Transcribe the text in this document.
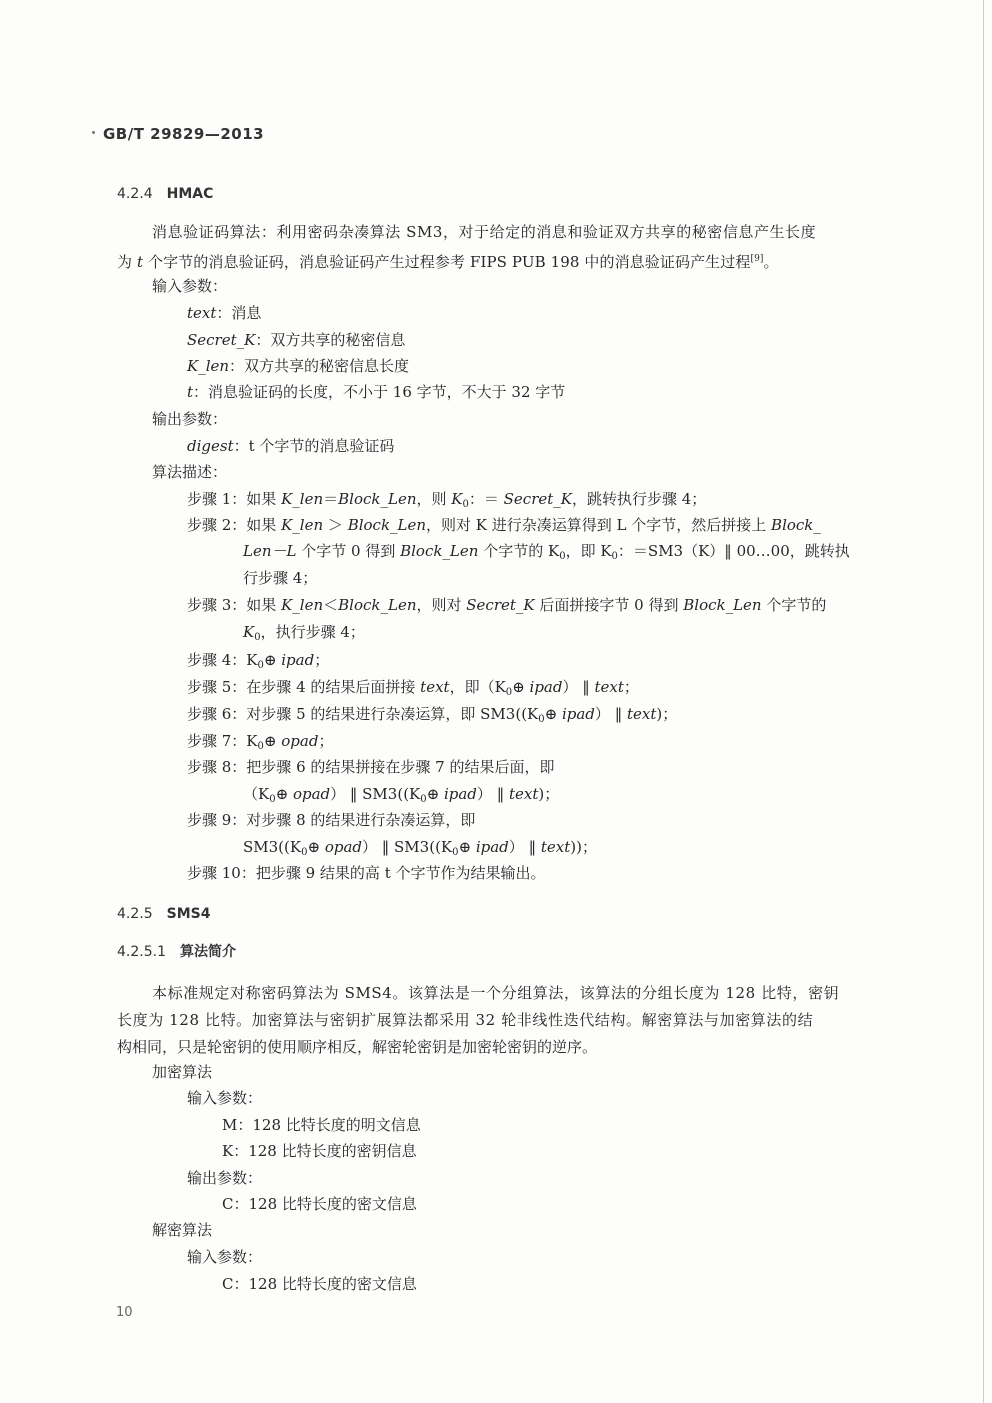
GB/T 29829—2013
4.2.4 HMAC
消息验证码算法：利用密码杂凑算法 SM3，对于给定的消息和验证双方共享的秘密信息产生长度
为 t 个字节的消息验证码，消息验证码产生过程参考 FIPS PUB 198 中的消息验证码产生过程[9]。
输入参数：
text：消息
Secret_K：双方共享的秘密信息
K_len：双方共享的秘密信息长度
t：消息验证码的长度，不小于 16 字节，不大于 32 字节
输出参数：
digest：t 个字节的消息验证码
算法描述：
步骤 1：如果 K_len＝Block_Len，则 $K_0$：＝ Secret_K，跳转执行步骤 4；
步骤 2：如果 K_len ＞ Block_Len，则对 K 进行杂凑运算得到 L 个字节，然后拼接上 Block_
Len－L 个字节 0 得到 Block_Len 个字节的 $K_0$，即 $K_0$：＝SM3（K）‖ 00…00，跳转执
行步骤 4；
步骤 3：如果 K_len＜Block_Len，则对 Secret_K 后面拼接字节 0 得到 Block_Len 个字节的
$K_0$，执行步骤 4；
步骤 4：$K_0\oplus$ ipad；
步骤 5：在步骤 4 的结果后面拼接 text，即（$K_0\oplus$ ipad） ‖ text；
步骤 6：对步骤 5 的结果进行杂凑运算，即 $SM3((K_0\oplus$ ipad） ‖ text)；
步骤 7：$K_0\oplus$ opad；
步骤 8：把步骤 6 的结果拼接在步骤 7 的结果后面，即
（$K_0\oplus$ opad） ‖ $SM3((K_0\oplus$ ipad） ‖ text)；
步骤 9：对步骤 8 的结果进行杂凑运算，即
$SM3((K_0\oplus$ opad） ‖ $SM3((K_0\oplus$ ipad） ‖ text))；
步骤 10：把步骤 9 结果的高 t 个字节作为结果输出。
4.2.5 SMS4
4.2.5.1 算法简介
本标准规定对称密码算法为 SMS4。该算法是一个分组算法，该算法的分组长度为 128 比特，密钥
长度为 128 比特。加密算法与密钥扩展算法都采用 32 轮非线性迭代结构。解密算法与加密算法的结
构相同，只是轮密钥的使用顺序相反，解密轮密钥是加密轮密钥的逆序。
加密算法
输入参数：
M：128 比特长度的明文信息
K：128 比特长度的密钥信息
输出参数：
C：128 比特长度的密文信息
解密算法
输入参数：
C：128 比特长度的密文信息
10
